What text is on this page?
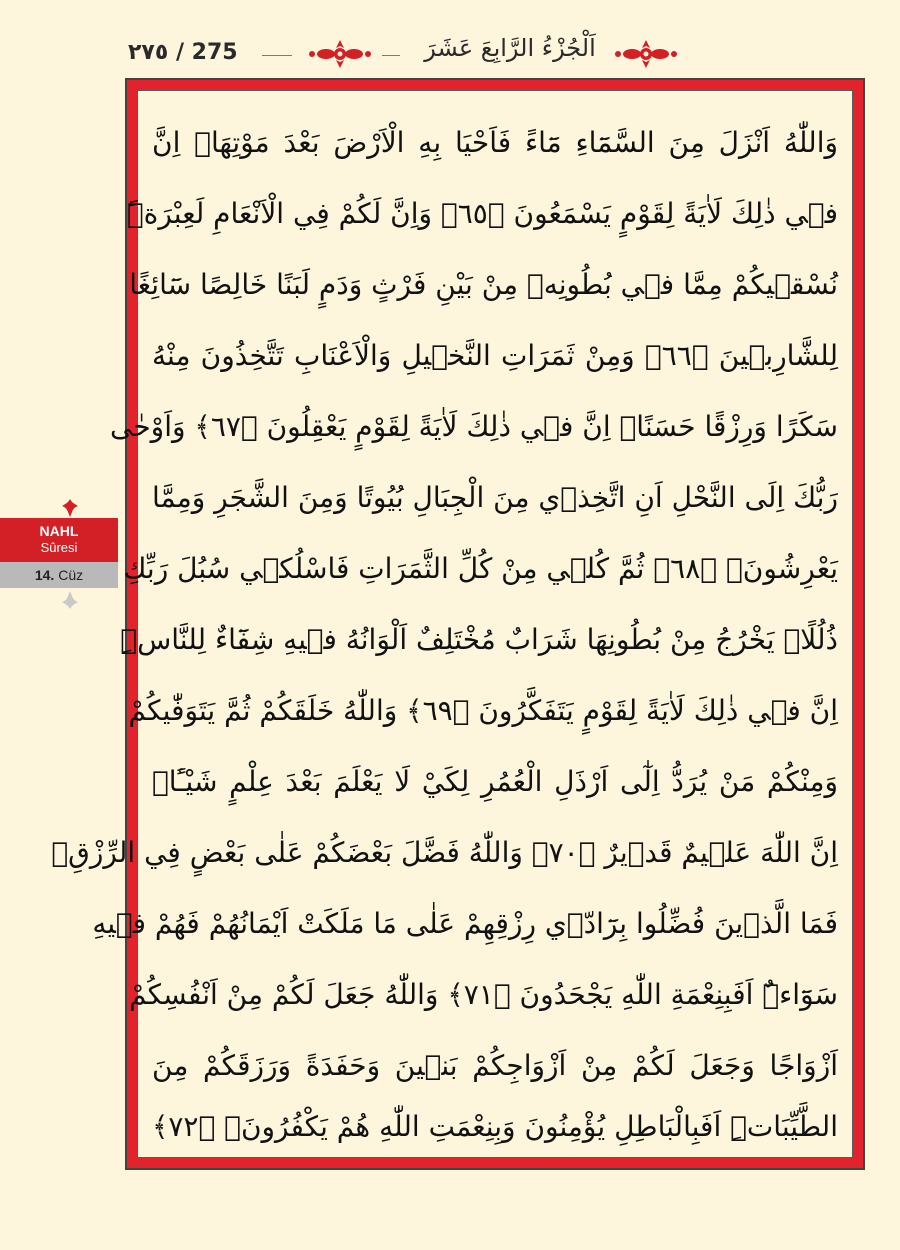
٢٧٥ / 275	اَلْجُزْءُ الرَّابِعَ عَشَرَ
وَاللّٰهُ اَنْزَلَ مِنَ السَّمَٓاءِ مَٓاءً فَاَحْيَا بِهِ الْاَرْضَ بَعْدَ مَوْتِهَاۜ اِنَّ
ف۪ي ذٰلِكَ لَاٰيَةً لِقَوْمٍ يَسْمَعُونَ ﴿٦٥﴾ وَاِنَّ لَكُمْ فِي الْاَنْعَامِ لَعِبْرَةًۜ
نُسْق۪يكُمْ مِمَّا ف۪ي بُطُونِه۪ مِنْ بَيْنِ فَرْثٍ وَدَمٍ لَبَنًا خَالِصًا سَٓائِغًا
لِلشَّارِب۪ينَ ﴿٦٦﴾ وَمِنْ ثَمَرَاتِ النَّخ۪يلِ وَالْاَعْنَابِ تَتَّخِذُونَ مِنْهُ
سَكَرًا وَرِزْقًا حَسَنًاۜ اِنَّ ف۪ي ذٰلِكَ لَاٰيَةً لِقَوْمٍ يَعْقِلُونَ ﴿٦٧﴾ وَاَوْحٰى
رَبُّكَ اِلَى النَّحْلِ اَنِ اتَّخِذ۪ي مِنَ الْجِبَالِ بُيُوتًا وَمِنَ الشَّجَرِ وَمِمَّا
يَعْرِشُونَۙ ﴿٦٨﴾ ثُمَّ كُل۪ي مِنْ كُلِّ الثَّمَرَاتِ فَاسْلُك۪ي سُبُلَ رَبِّكِ
ذُلُلًاۜ يَخْرُجُ مِنْ بُطُونِهَا شَرَابٌ مُخْتَلِفٌ اَلْوَانُهُ ف۪يهِ شِفَٓاءٌ لِلنَّاسِۜ
اِنَّ ف۪ي ذٰلِكَ لَاٰيَةً لِقَوْمٍ يَتَفَكَّرُونَ ﴿٦٩﴾ وَاللّٰهُ خَلَقَكُمْ ثُمَّ يَتَوَفّٰيكُمْ
وَمِنْكُمْ مَنْ يُرَدُّ اِلٰٓى اَرْذَلِ الْعُمُرِ لِكَيْ لَا يَعْلَمَ بَعْدَ عِلْمٍ شَيْـًٔاۜ
اِنَّ اللّٰهَ عَل۪يمٌ قَد۪يرٌ ﴿٧٠﴾ وَاللّٰهُ فَضَّلَ بَعْضَكُمْ عَلٰى بَعْضٍ فِي الرِّزْقِۚ
فَمَا الَّذ۪ينَ فُضِّلُوا بِرَٓادّ۪ي رِزْقِهِمْ عَلٰى مَا مَلَكَتْ اَيْمَانُهُمْ فَهُمْ ف۪يهِ
سَوَٓاءٌۜ اَفَبِنِعْمَةِ اللّٰهِ يَجْحَدُونَ ﴿٧١﴾ وَاللّٰهُ جَعَلَ لَكُمْ مِنْ اَنْفُسِكُمْ
اَزْوَاجًا وَجَعَلَ لَكُمْ مِنْ اَزْوَاجِكُمْ بَن۪ينَ وَحَفَدَةً وَرَزَقَكُمْ مِنَ
الطَّيِّبَاتِۜ اَفَبِالْبَاطِلِ يُؤْمِنُونَ وَبِنِعْمَتِ اللّٰهِ هُمْ يَكْفُرُونَۙ ﴿٧٢﴾
NAHL
Sûresi
14. Cüz
